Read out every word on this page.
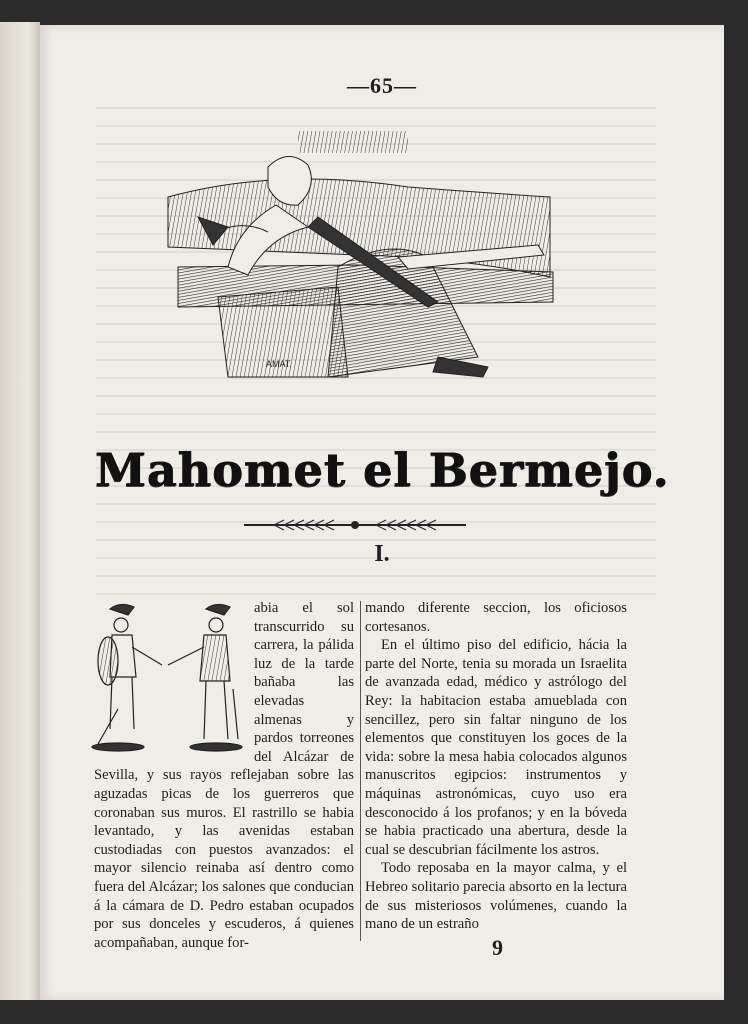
—65—
AMAT.
Mahomet el Bermejo.
I.

abia el sol transcurrido su carrera, la pálida luz de la tarde bañaba las elevadas almenas y pardos torreones del Alcázar de Sevilla, y sus rayos reflejaban sobre las aguzadas picas de los guerreros que coronaban sus muros. El rastrillo se habia levantado, y las avenidas estaban custodiadas con puestos avanzados: el mayor silencio reinaba así dentro como fuera del Alcázar; los salones que conducian á la cámara de D. Pedro estaban ocupados por sus donceles y escuderos, á quienes acompañaban, aunque for-

mando diferente seccion, los oficiosos cortesanos.

En el último piso del edificio, hácia la parte del Norte, tenia su morada un Israelita de avanzada edad, médico y astrólogo del Rey: la habitacion estaba amueblada con sencillez, pero sin faltar ninguno de los elementos que constituyen los goces de la vida: sobre la mesa habia colocados algunos manuscritos egipcios: instrumentos y máquinas astronómicas, cuyo uso era desconocido á los profanos; y en la bóveda se habia practicado una abertura, desde la cual se descubrian fácilmente los astros.

Todo reposaba en la mayor calma, y el Hebreo solitario parecia absorto en la lectura de sus misteriosos volúmenes, cuando la mano de un estraño

9
